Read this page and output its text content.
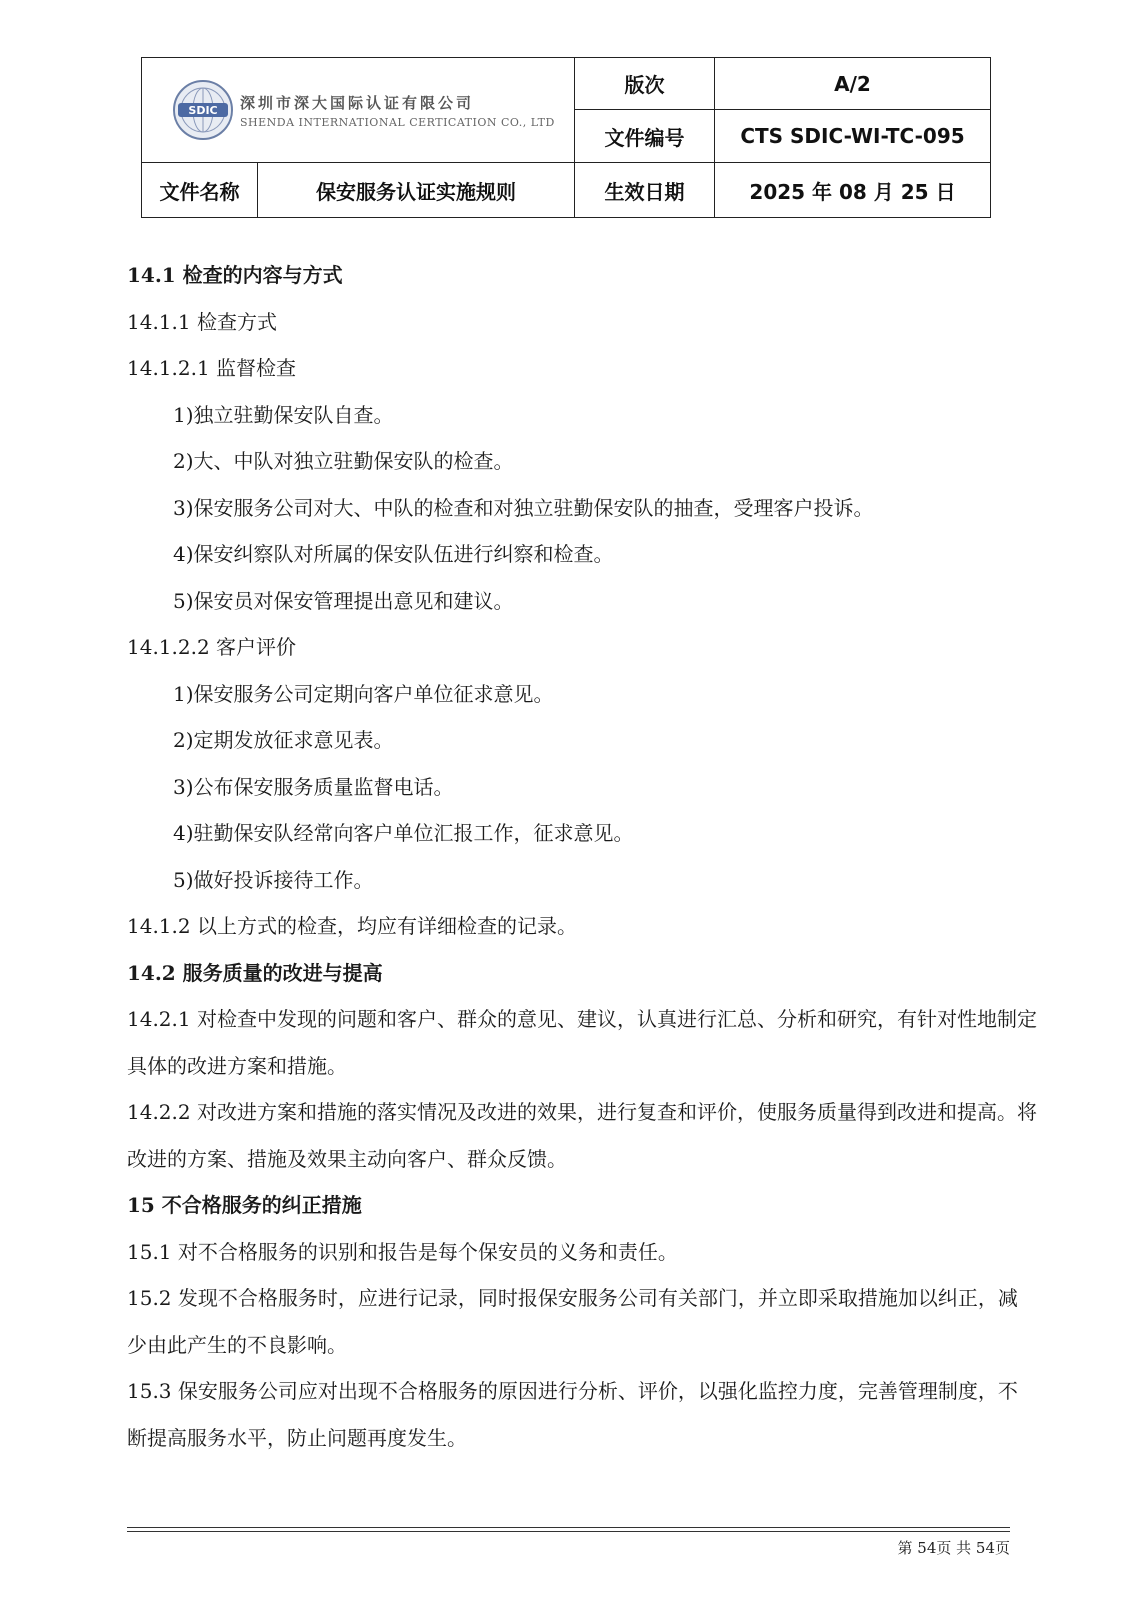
SDIC 深圳市深大国际认证有限公司
SHENDA INTERNATIONAL CERTICATION CO., LTD		版次	A/2
		文件编号	CTS SDIC-WI-TC-095
文件名称	保安服务认证实施规则	生效日期	2025 年 08 月 25 日

14.1 检查的内容与方式

14.1.1 检查方式

14.1.2.1 监督检查

1)独立驻勤保安队自查。

2)大、中队对独立驻勤保安队的检查。

3)保安服务公司对大、中队的检查和对独立驻勤保安队的抽查，受理客户投诉。

4)保安纠察队对所属的保安队伍进行纠察和检查。

5)保安员对保安管理提出意见和建议。

14.1.2.2 客户评价

1)保安服务公司定期向客户单位征求意见。

2)定期发放征求意见表。

3)公布保安服务质量监督电话。

4)驻勤保安队经常向客户单位汇报工作，征求意见。

5)做好投诉接待工作。

14.1.2 以上方式的检查，均应有详细检查的记录。

14.2 服务质量的改进与提高

14.2.1 对检查中发现的问题和客户、群众的意见、建议，认真进行汇总、分析和研究，有针对性地制定具体的改进方案和措施。

14.2.2 对改进方案和措施的落实情况及改进的效果，进行复查和评价，使服务质量得到改进和提高。将改进的方案、措施及效果主动向客户、群众反馈。

15 不合格服务的纠正措施

15.1 对不合格服务的识别和报告是每个保安员的义务和责任。

15.2 发现不合格服务时，应进行记录，同时报保安服务公司有关部门，并立即采取措施加以纠正，减少由此产生的不良影响。

15.3 保安服务公司应对出现不合格服务的原因进行分析、评价，以强化监控力度，完善管理制度，不断提高服务水平，防止问题再度发生。

第 54页 共 54页
